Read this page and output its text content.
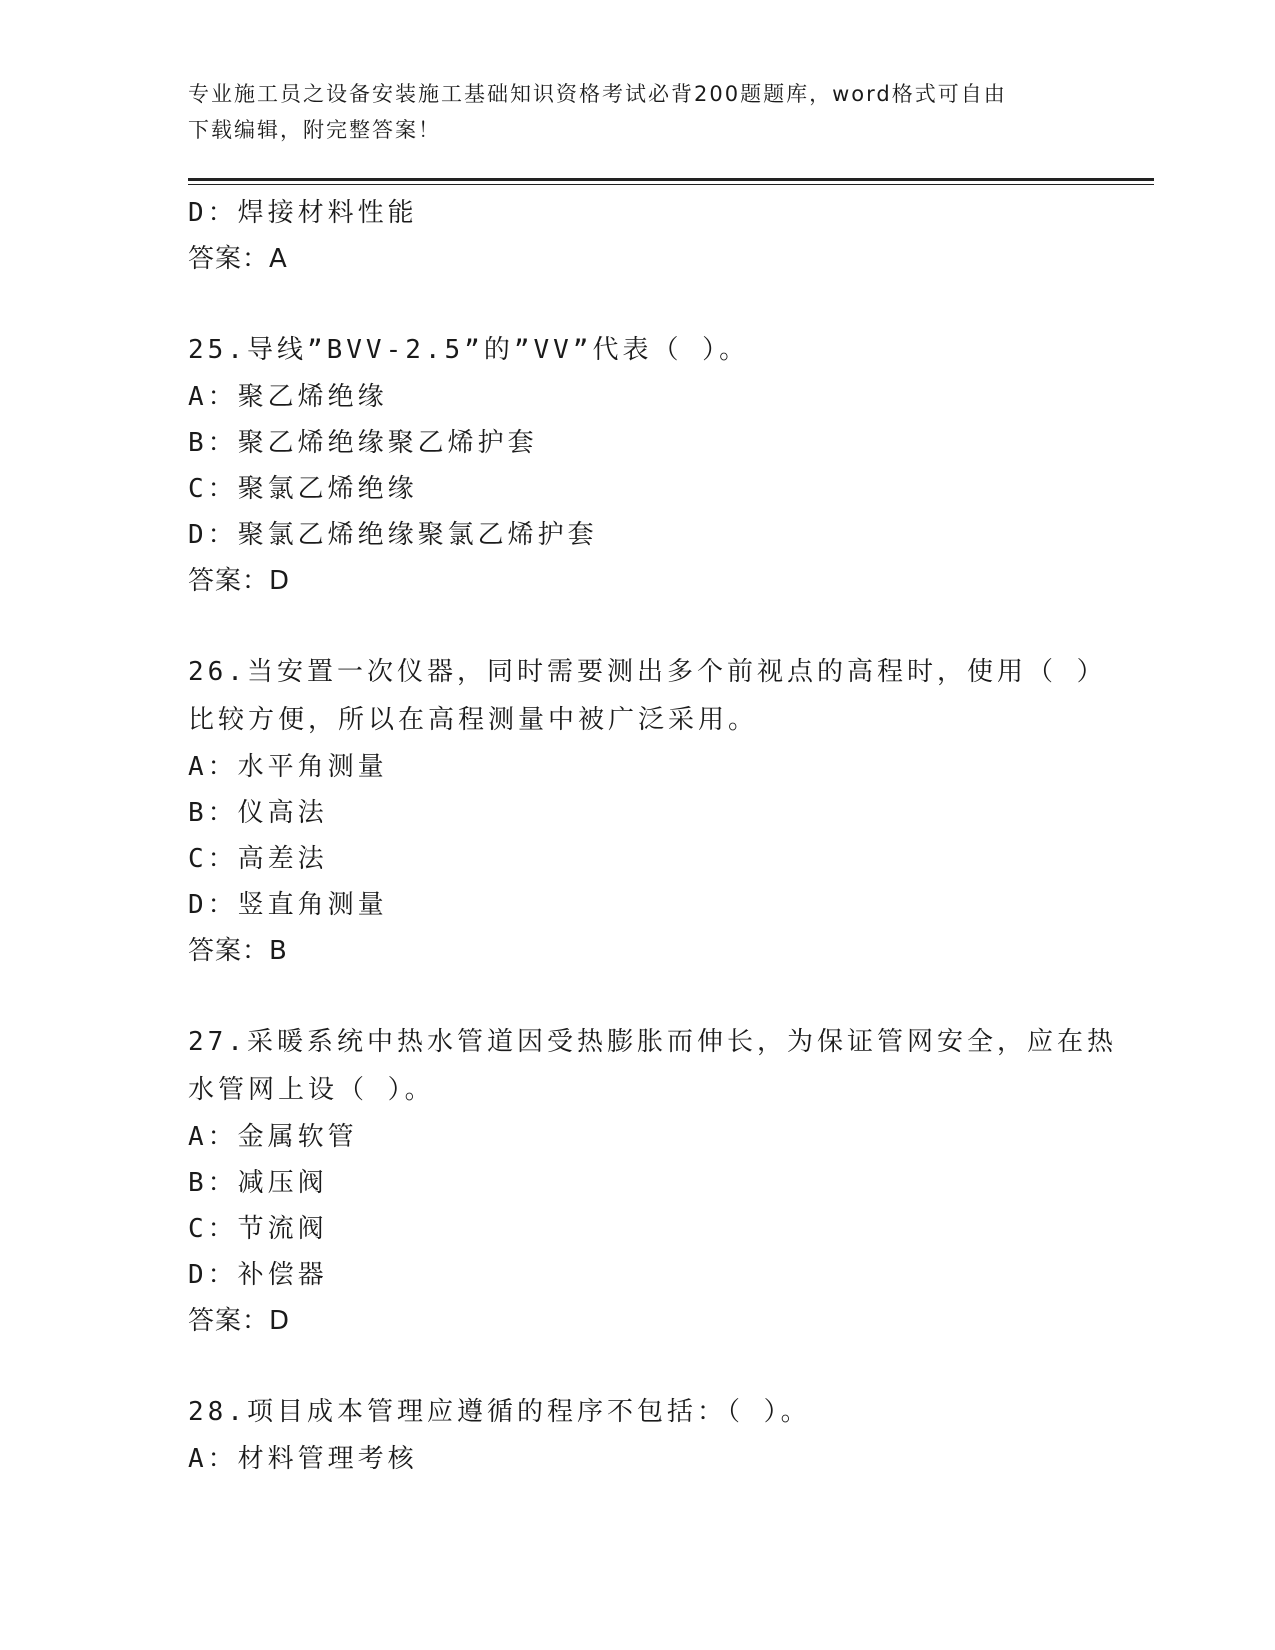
专业施工员之设备安装施工基础知识资格考试必背200题题库，word格式可自由
下载编辑，附完整答案！
D：焊接材料性能
答案：A
25.导线”BVV-2.5”的”VV”代表（ ）。
A：聚乙烯绝缘
B：聚乙烯绝缘聚乙烯护套
C：聚氯乙烯绝缘
D：聚氯乙烯绝缘聚氯乙烯护套
答案：D
26.当安置一次仪器，同时需要测出多个前视点的高程时，使用（ ）
比较方便，所以在高程测量中被广泛采用。
A：水平角测量
B：仪高法
C：高差法
D：竖直角测量
答案：B
27.采暖系统中热水管道因受热膨胀而伸长，为保证管网安全，应在热
水管网上设（ ）。
A：金属软管
B：减压阀
C：节流阀
D：补偿器
答案：D
28.项目成本管理应遵循的程序不包括：（ ）。
A：材料管理考核
